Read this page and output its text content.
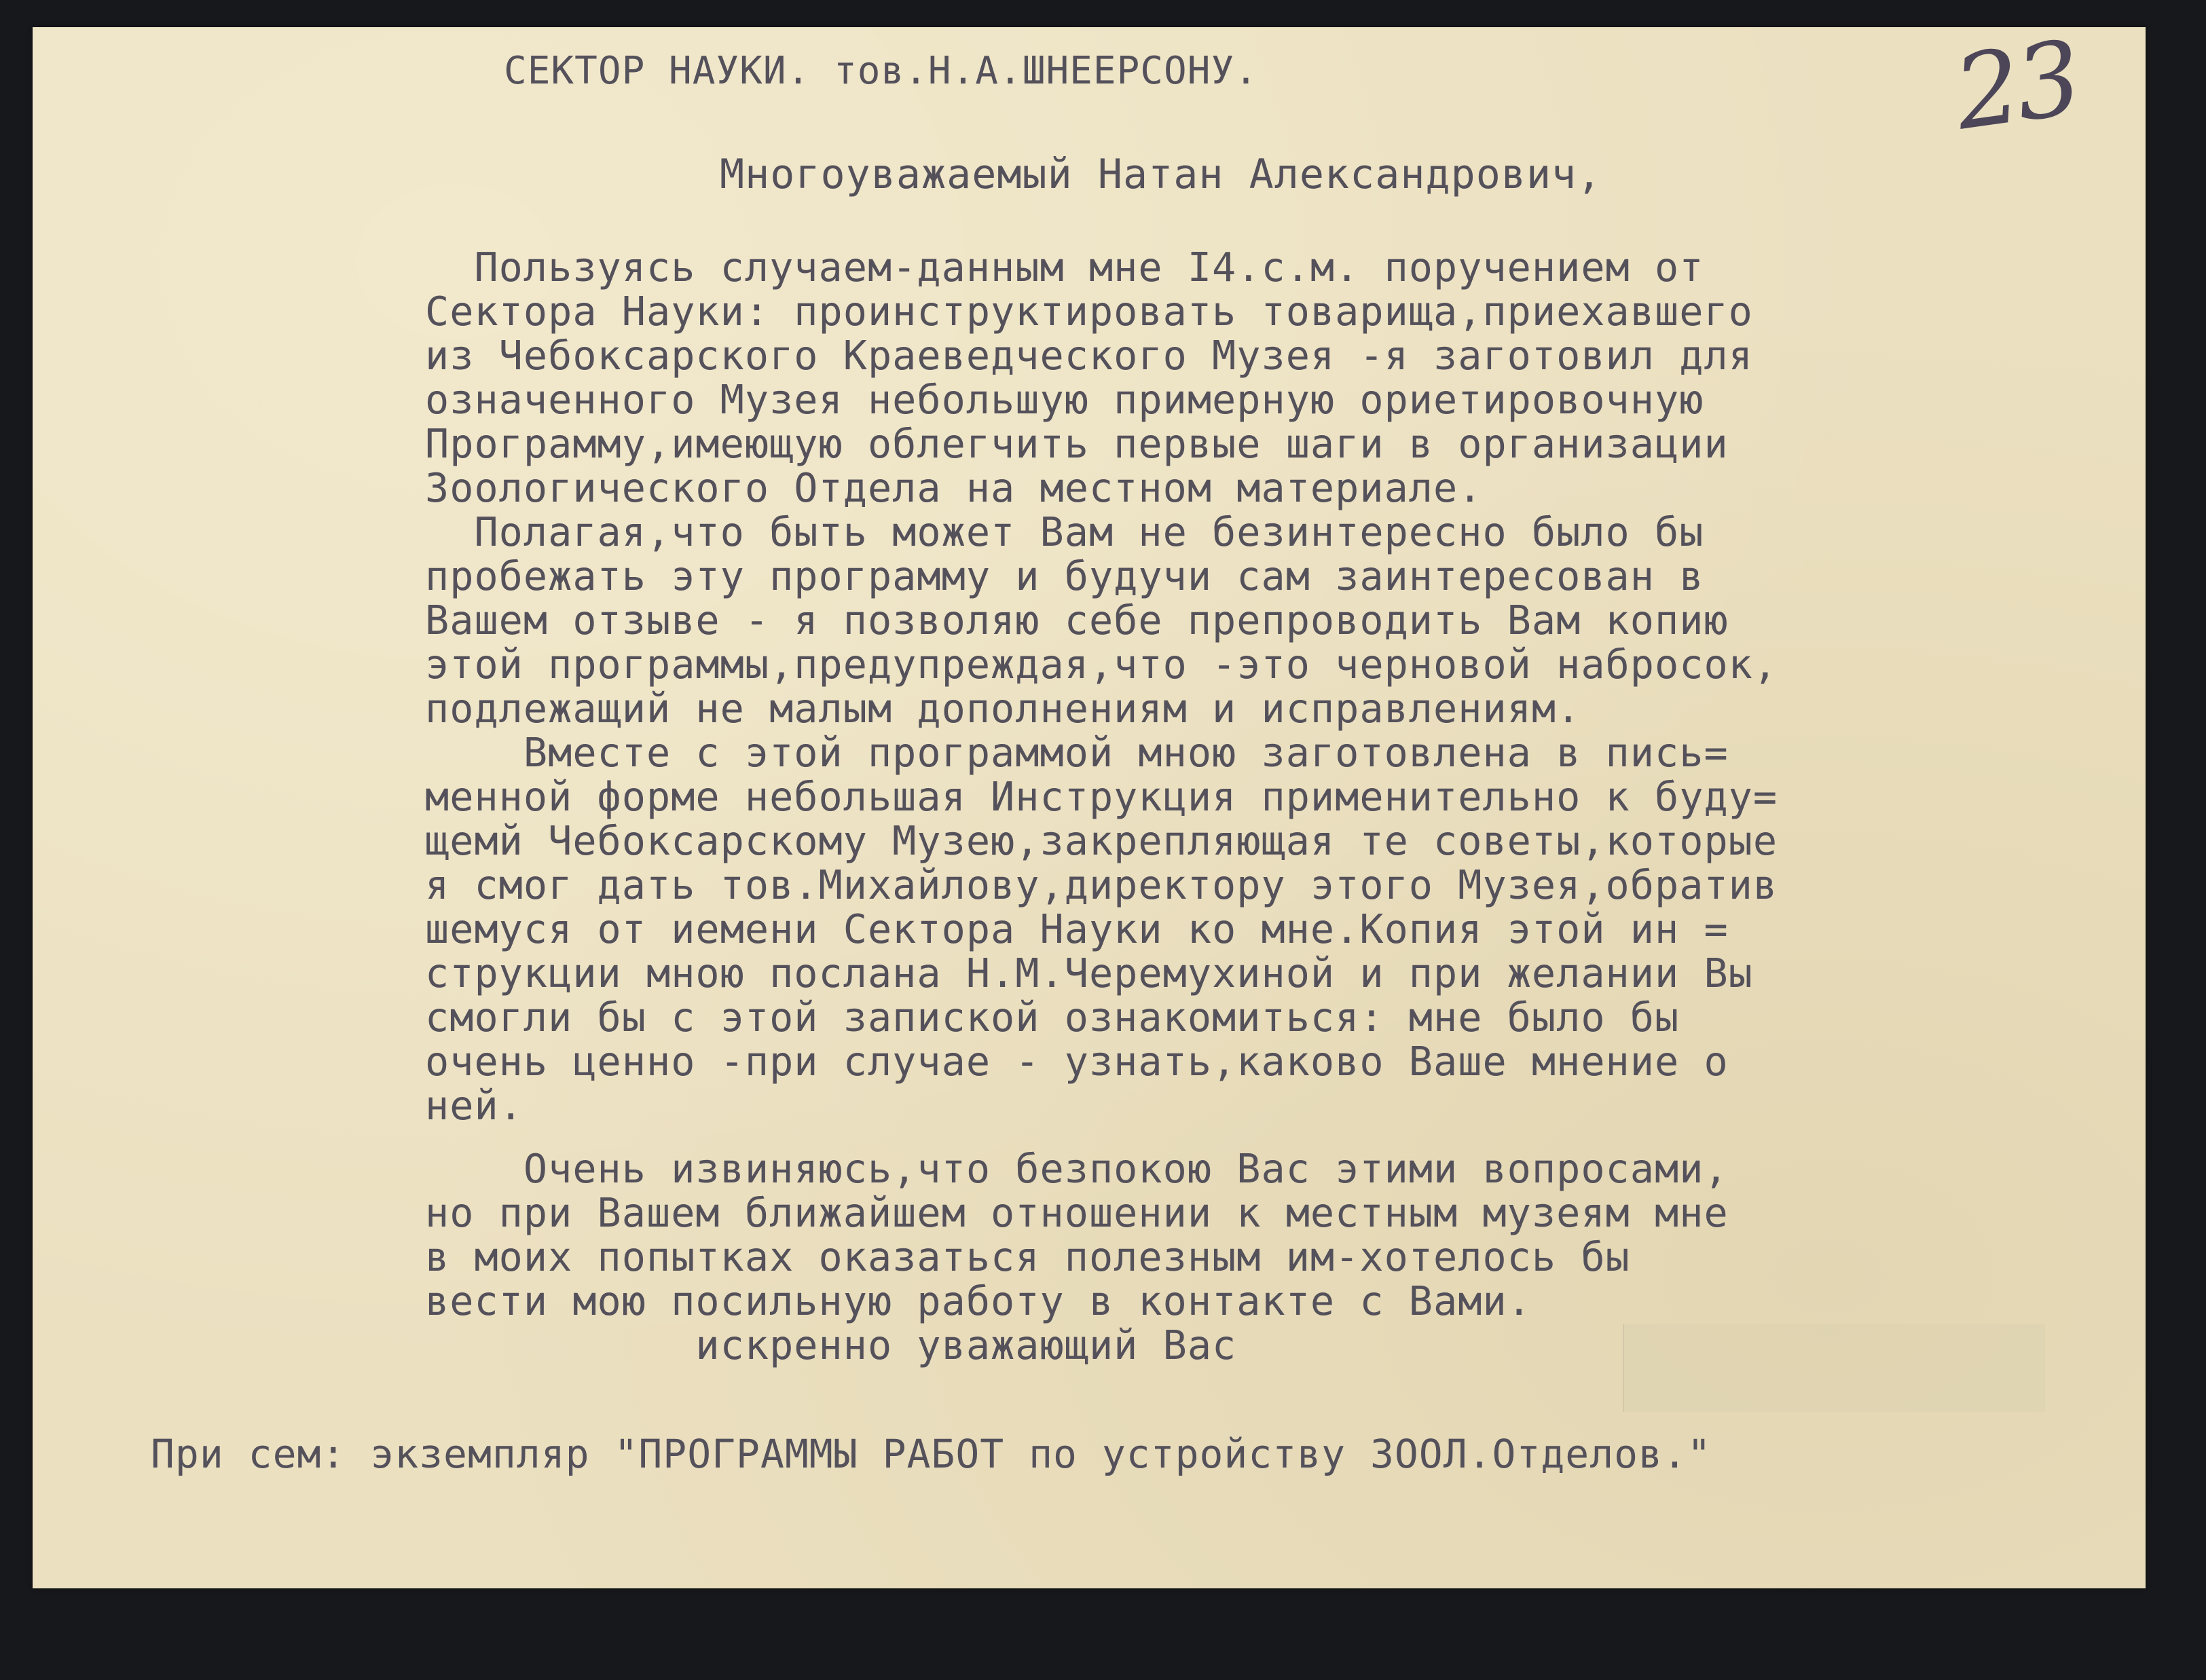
23

СЕКТОР НАУКИ. тов.Н.А.ШНЕЕРСОНУ.

Многоуважаемый Натан Александрович,

Пользуясь случаем-данным мне I4.с.м. поручением от

Сектора Науки: проинструктировать товарища,приехавшего

из Чебоксарского Краеведческого Музея -я заготовил для

означенного Музея небольшую примерную ориетировочную

Программу,имеющую облегчить первые шаги в организации

Зоологического Отдела на местном материале.

Полагая,что быть может Вам не безинтересно было бы

пробежать эту программу и будучи сам заинтересован в

Вашем отзыве - я позволяю себе препроводить Вам копию

этой программы,предупреждая,что -это черновой набросок,

подлежащий не малым дополнениям и исправлениям.

Вместе с этой программой мною заготовлена в пись=

менной форме небольшая Инструкция применительно к буду=

щемй Чебоксарскому Музею,закрепляющая те советы,которые

я смог дать тов.Михайлову,директору этого Музея,обратив

шемуся от иемени Сектора Науки ко мне.Копия этой ин =

струкции мною послана Н.М.Черемухиной и при желании Вы

смогли бы с этой запиской ознакомиться: мне было бы

очень ценно -при случае - узнать,каково Ваше мнение о

ней.

Очень извиняюсь,что безпокою Вас этими вопросами,

но при Вашем ближайшем отношении к местным музеям мне

в моих попытках оказаться полезным им-хотелось бы

вести мою посильную работу в контакте с Вами.

искренно уважающий Вас

При сем: экземпляр "ПРОГРАММЫ РАБОТ по устройству ЗООЛ.Отделов."
